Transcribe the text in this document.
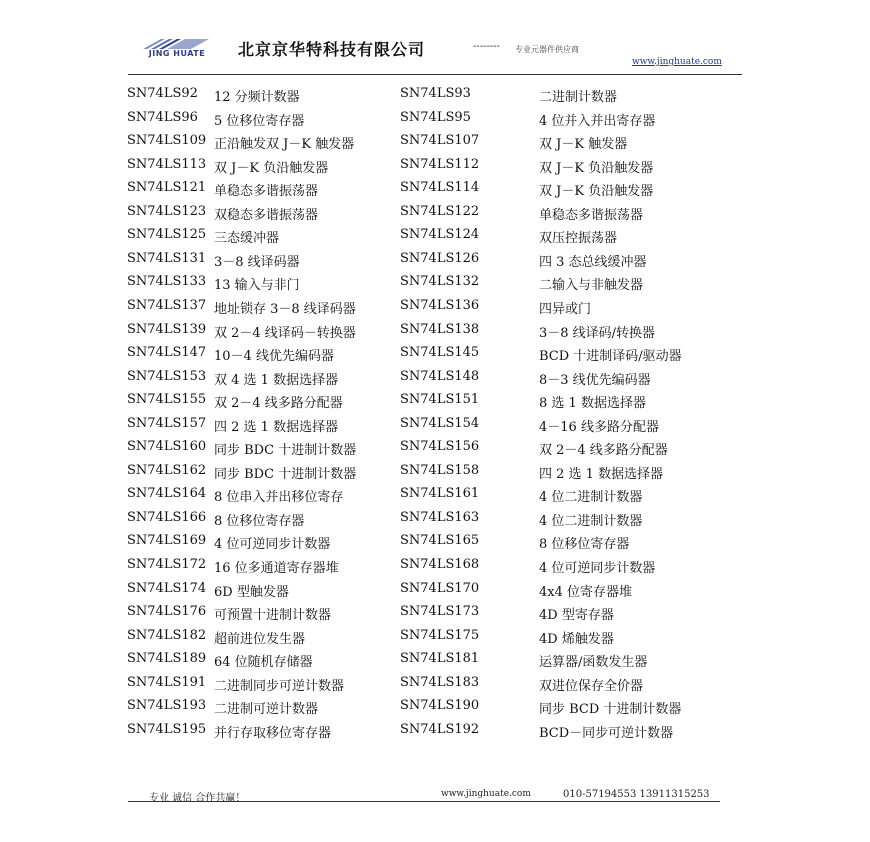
JING HUATE	北京京华特科技有限公司	-------- 专业元器件供应商
www.jinghuate.com
SN74LS92 12 分频计数器	SN74LS93	二进制计数器
SN74LS96 5 位移位寄存器	SN74LS95	4 位并入并出寄存器
SN74LS109 正沿触发双 J－K 触发器	SN74LS107	双 J－K 触发器
SN74LS113 双 J－K 负沿触发器	SN74LS112	双 J－K 负沿触发器
SN74LS121 单稳态多谐振荡器	SN74LS114	双 J－K 负沿触发器
SN74LS123 双稳态多谐振荡器	SN74LS122	单稳态多谐振荡器
SN74LS125 三态缓冲器	SN74LS124	双压控振荡器
SN74LS131 3－8 线译码器	SN74LS126	四 3 态总线缓冲器
SN74LS133 13 输入与非门	SN74LS132	二输入与非触发器
SN74LS137 地址锁存 3－8 线译码器	SN74LS136	四异或门
SN74LS139 双 2－4 线译码－转换器	SN74LS138	3－8 线译码/转换器
SN74LS147 10－4 线优先编码器	SN74LS145	BCD 十进制译码/驱动器
SN74LS153 双 4 选 1 数据选择器	SN74LS148	8－3 线优先编码器
SN74LS155 双 2－4 线多路分配器	SN74LS151	8 选 1 数据选择器
SN74LS157 四 2 选 1 数据选择器	SN74LS154	4－16 线多路分配器
SN74LS160 同步 BDC 十进制计数器	SN74LS156	双 2－4 线多路分配器
SN74LS162 同步 BDC 十进制计数器	SN74LS158	四 2 选 1 数据选择器
SN74LS164 8 位串入并出移位寄存	SN74LS161	4 位二进制计数器
SN74LS166 8 位移位寄存器	SN74LS163	4 位二进制计数器
SN74LS169 4 位可逆同步计数器	SN74LS165	8 位移位寄存器
SN74LS172 16 位多通道寄存器堆	SN74LS168	4 位可逆同步计数器
SN74LS174 6D 型触发器	SN74LS170	4x4 位寄存器堆
SN74LS176 可预置十进制计数器	SN74LS173	4D 型寄存器
SN74LS182 超前进位发生器	SN74LS175	4D 烯触发器
SN74LS189 64 位随机存储器	SN74LS181	运算器/函数发生器
SN74LS191 二进制同步可逆计数器	SN74LS183	双进位保存全价器
SN74LS193 二进制可逆计数器	SN74LS190	同步 BCD 十进制计数器
SN74LS195 并行存取移位寄存器	SN74LS192	BCD－同步可逆计数器
专业 诚信 合作共赢！	www.jinghuate.com	010-57194553 13911315253
